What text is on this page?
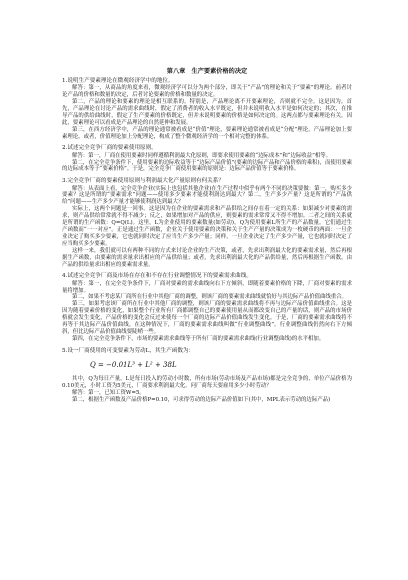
第八章　生产要素价格的决定
1.说明生产要素理论在微观经济学中的地位。

解答：第一，从商品的角度来看，微观经济学可以分为两个部分，即关于“产品”的理论和关于“要素”的理论。前者讨论产品的价格和数量的决定，后者讨论要素的价格和数量的决定。

第二，产品的理论和要素的理论是相互联系的。特别是，产品理论离不开要素理论，否则就不完全。这是因为，首先，产品理论在讨论产品的需求曲线时，假定了消费者的收入水平既定，但并未说明收入水平是如何决定的；其次，在推导产品的供给曲线时，假定了生产要素的价格既定，但并未说明要素的价格是如何决定的。这两点都与要素理论有关。因此，要素理论可以看成是产品理论的自然延伸和发展。

第三，在西方经济学中，产品的理论通常被看成是“价值”理论，要素理论通常被看成是“分配”理论。产品理论加上要素理论，或者，价值理论加上分配理论，构成了整个微观经济学的一个相对完整的体系。

2.试述完全竞争厂商的要素使用原则。

解答：第一，厂商在使用要素时同样遵循利润最大化原则，即要求使用要素的“边际成本”和“边际收益”相等。

第二，在完全竞争条件下，使用要素的边际收益等于“边际产品价值”(要素的边际产品和产品价格的乘积)，而使用要素的边际成本等于“要素价格”。于是，完全竞争厂商使用要素的原则是：边际产品价值等于要素价格。

3.完全竞争厂商的要素使用原则与利润最大化产量原则有何关系？

解答：从表面上看，完全竞争企业(实际上也包括其他企业)在生产过程中似乎有两个不同的决策要做：第一，购买多少要素？这是所谓的“要素需求”问题——使用多少要素才能使利润达到最大？第二，生产多少产量？这是所谓的“产品供给”问题——生产多少产量才能够使利润达到最大？

实际上，这两个问题是一回事。这是因为在企业的要素需求和产品供给之间存在着一定的关系：如果减少对要素的需求，则产品供给常常就不得不减少；反之，如果增加对产品的供应，则要素的需求常常又不得不增加。二者之间的关系就是所谓的生产函数：Q=Q(L)。这里，L为企业使用的要素数量(如劳动)，Q为使用要素L所生产的产品数量。它们通过生产函数而“一一对应”。正是通过生产函数，企业关于使用要素的决策和关于生产产量的决策成为一枚硬币的两面：一旦企业决定了购买多少要素，它也就同时决定了应当生产多少产量；同样，一旦企业决定了生产多少产量，它也就同时决定了应当购买多少要素。

这样一来，我们就可以有两种不同的方式来讨论企业的生产决策，或者，先求出利润最大化的要素需求量，然后再根据生产函数，由要素的需求量求出相应的产品供给量；或者，先求出利润最大化的产品供给量，然后再根据生产函数，由产品的供给量求出相应的要素需求量。

4.试述完全竞争厂商及市场在存在和不存在行业调整情况下的要素需求曲线。

解答：第一，在完全竞争条件下，厂商对要素的需求曲线向右下方倾斜，即随着要素价格的下降，厂商对要素的需求量将增加。

第二，如果不考虑某厂商所在行业中其他厂商的调整，则该厂商的要素需求曲线就恰好与其边际产品价值曲线重合。

第三，如果考虑该厂商所在行业中其他厂商的调整，则该厂商的要素需求曲线将不再与边际产品价值曲线重合。这是因为随着要素价格的变化，如果整个行业所有厂商都调整自己的要素使用量从而都改变自己的产量的话，则产品的市场价格就会发生变化，产品价格的变化会反过来使每一个厂商的边际产品价值曲线发生变化。于是，厂商的要素需求曲线将不再等于其边际产品价值曲线。在这种情况下，厂商的要素需求曲线叫做“行业调整曲线”。行业调整曲线仍然向右下方倾斜，但比边际产品价值曲线要陡峭一些。

第四，在完全竞争条件下，市场的要素需求曲线等于所有厂商的要素需求曲线(行业调整曲线)的水平相加。

5.设一厂商使用的可变要素为劳动L，其生产函数为：
Q = −0.01L³ + L² + 38L

其中，Q为每日产量，L是每日投入的劳动小时数，所有市场(劳动市场及产品市场)都是完全竞争的，单位产品价格为0.10美元，小时工资为5美元，厂商要求利润最大化。问厂商每天要雇用多少小时劳动？

解答：第一，已知工资W=5。

第二，根据生产函数及产品价格P=0.10，可求得劳动的边际产品价值如下(其中，MPL表示劳动的边际产品)
